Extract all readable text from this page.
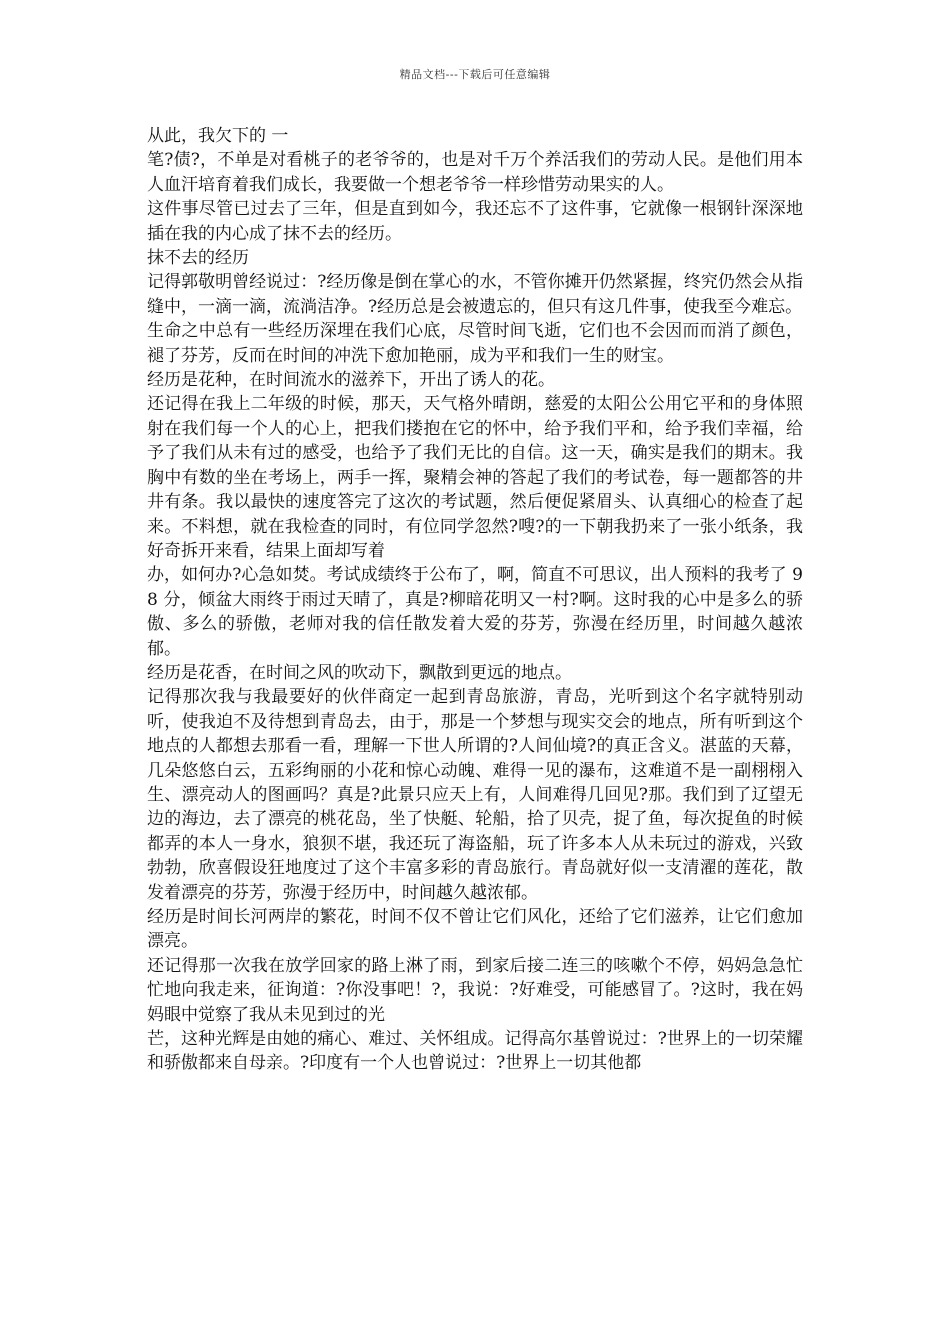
精品文档---下载后可任意编辑

从此，我欠下的 一

笔?债?，不单是对看桃子的老爷爷的，也是对千万个养活我们的劳动人民。是他们用本人血汗培育着我们成长，我要做一个想老爷爷一样珍惜劳动果实的人。

这件事尽管已过去了三年，但是直到如今，我还忘不了这件事，它就像一根钢针深深地插在我的内心成了抹不去的经历。

抹不去的经历

记得郭敬明曾经说过：?经历像是倒在掌心的水，不管你摊开仍然紧握，终究仍然会从指缝中，一滴一滴，流淌洁净。?经历总是会被遗忘的，但只有这几件事，使我至今难忘。

生命之中总有一些经历深埋在我们心底，尽管时间飞逝，它们也不会因而而消了颜色，褪了芬芳，反而在时间的冲洗下愈加艳丽，成为平和我们一生的财宝。

经历是花种，在时间流水的滋养下，开出了诱人的花。

还记得在我上二年级的时候，那天，天气格外晴朗，慈爱的太阳公公用它平和的身体照射在我们每一个人的心上，把我们搂抱在它的怀中，给予我们平和，给予我们幸福，给予了我们从未有过的感受，也给予了我们无比的自信。这一天，确实是我们的期末。我胸中有数的坐在考场上，两手一挥，聚精会神的答起了我们的考试卷，每一题都答的井井有条。我以最快的速度答完了这次的考试题，然后便促紧眉头、认真细心的检查了起来。不料想，就在我检查的同时，有位同学忽然?嗖?的一下朝我扔来了一张小纸条，我好奇拆开来看，结果上面却写着

办，如何办?心急如焚。考试成绩终于公布了，啊，简直不可思议，出人预料的我考了 98 分，倾盆大雨终于雨过天晴了，真是?柳暗花明又一村?啊。这时我的心中是多么的骄傲、多么的骄傲，老师对我的信任散发着大爱的芬芳，弥漫在经历里，时间越久越浓郁。

经历是花香，在时间之风的吹动下，飘散到更远的地点。

记得那次我与我最要好的伙伴商定一起到青岛旅游，青岛，光听到这个名字就特别动听，使我迫不及待想到青岛去，由于，那是一个梦想与现实交会的地点，所有听到这个地点的人都想去那看一看，理解一下世人所谓的?人间仙境?的真正含义。湛蓝的天幕，几朵悠悠白云，五彩绚丽的小花和惊心动魄、难得一见的瀑布，这难道不是一副栩栩入生、漂亮动人的图画吗？真是?此景只应天上有，人间难得几回见?那。我们到了辽望无边的海边，去了漂亮的桃花岛，坐了快艇、轮船，拾了贝壳，捉了鱼，每次捉鱼的时候都弄的本人一身水，狼狈不堪，我还玩了海盗船，玩了许多本人从未玩过的游戏，兴致勃勃，欣喜假设狂地度过了这个丰富多彩的青岛旅行。青岛就好似一支清濯的莲花，散发着漂亮的芬芳，弥漫于经历中，时间越久越浓郁。

经历是时间长河两岸的繁花，时间不仅不曾让它们风化，还给了它们滋养，让它们愈加漂亮。

还记得那一次我在放学回家的路上淋了雨，到家后接二连三的咳嗽个不停，妈妈急急忙忙地向我走来，征询道：?你没事吧！?，我说：?好难受，可能感冒了。?这时，我在妈妈眼中觉察了我从未见到过的光

芒，这种光辉是由她的痛心、难过、关怀组成。记得高尔基曾说过：?世界上的一切荣耀和骄傲都来自母亲。?印度有一个人也曾说过：?世界上一切其他都
